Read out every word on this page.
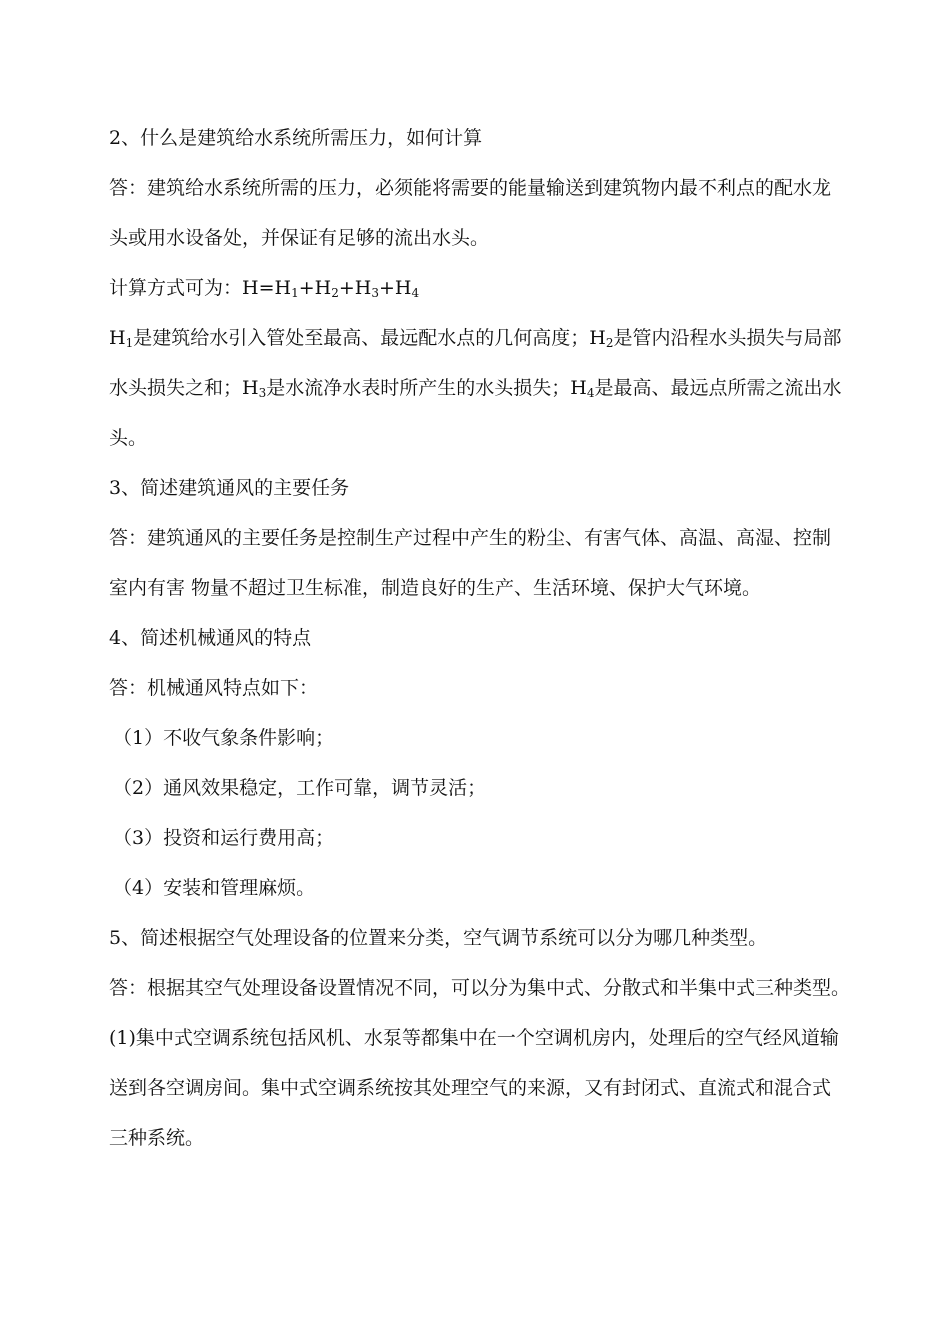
2、什么是建筑给水系统所需压力，如何计算
答：建筑给水系统所需的压力，必须能将需要的能量输送到建筑物内最不利点的配水龙
头或用水设备处，并保证有足够的流出水头。
计算方式可为：$H=H_1+H_2+H_3+H_4$
$H_1$是建筑给水引入管处至最高、最远配水点的几何高度；$H_2$是管内沿程水头损失与局部
水头损失之和；$H_3$是水流净水表时所产生的水头损失；$H_4$是最高、最远点所需之流出水
头。
3、简述建筑通风的主要任务
答：建筑通风的主要任务是控制生产过程中产生的粉尘、有害气体、高温、高湿、控制
室内有害 物量不超过卫生标准，制造良好的生产、生活环境、保护大气环境。
4、简述机械通风的特点
答：机械通风特点如下：
（1）不收气象条件影响；
（2）通风效果稳定，工作可靠，调节灵活；
（3）投资和运行费用高；
（4）安装和管理麻烦。
5、简述根据空气处理设备的位置来分类，空气调节系统可以分为哪几种类型。
答：根据其空气处理设备设置情况不同，可以分为集中式、分散式和半集中式三种类型。
(1)集中式空调系统包括风机、水泵等都集中在一个空调机房内，处理后的空气经风道输
送到各空调房间。集中式空调系统按其处理空气的来源，又有封闭式、直流式和混合式
三种系统。
